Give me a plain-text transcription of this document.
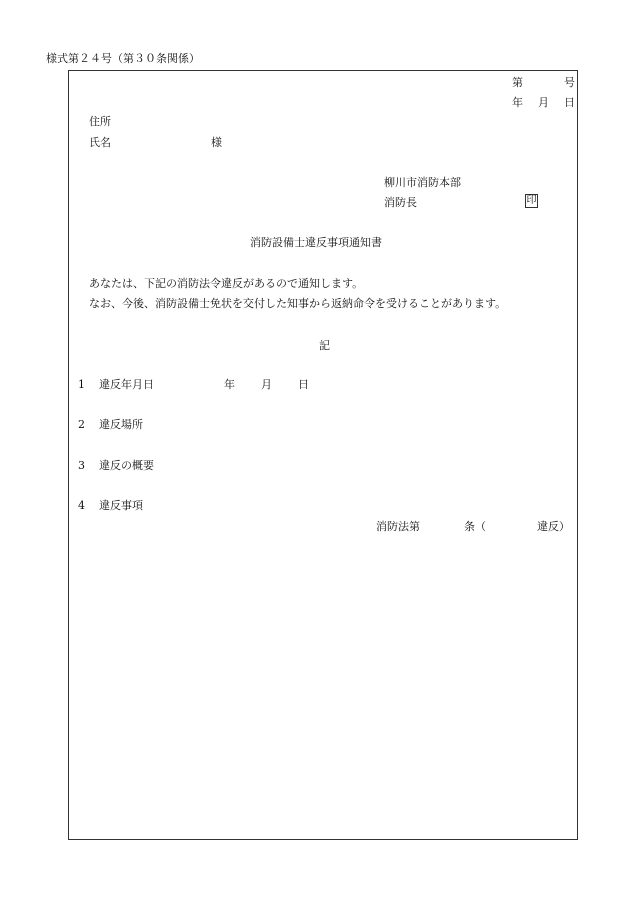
様式第２４号（第３０条関係）
第	号
年 月 日
住所
氏名	様
柳川市消防本部
消防長	印
消防設備士違反事項通知書
あなたは、下記の消防法令違反があるので通知します。
なお、今後、消防設備士免状を交付した知事から返納命令を受けることがあります。
記
1 違反年月日	年 月 日
2 違反場所
3 違反の概要
4 違反事項
消防法第	条（	違反）
